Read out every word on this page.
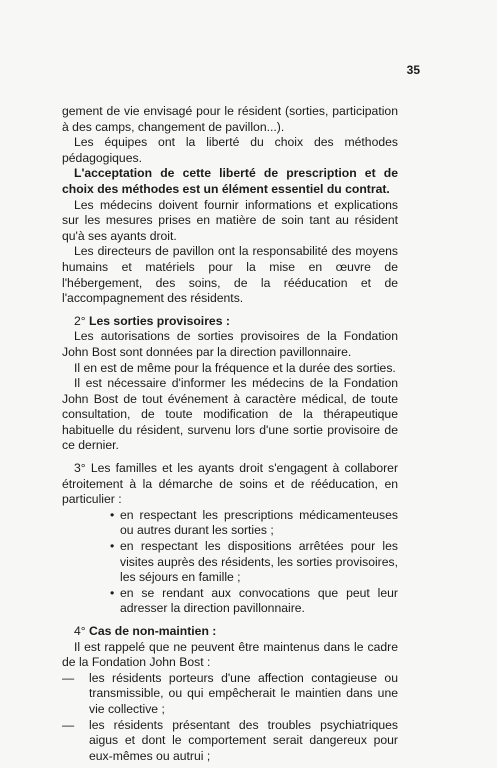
35

gement de vie envisagé pour le résident (sorties, participation à des camps, changement de pavillon...).

Les équipes ont la liberté du choix des méthodes pédagogiques.

L'acceptation de cette liberté de prescription et de choix des méthodes est un élément essentiel du contrat.

Les médecins doivent fournir informations et explications sur les mesures prises en matière de soin tant au résident qu'à ses ayants droit.

Les directeurs de pavillon ont la responsabilité des moyens humains et matériels pour la mise en œuvre de l'hébergement, des soins, de la rééducation et de l'accompagnement des résidents.

2° Les sorties provisoires :

Les autorisations de sorties provisoires de la Fondation John Bost sont données par la direction pavillonnaire.

Il en est de même pour la fréquence et la durée des sorties.

Il est nécessaire d'informer les médecins de la Fondation John Bost de tout événement à caractère médical, de toute consultation, de toute modification de la thérapeutique habituelle du résident, survenu lors d'une sortie provisoire de ce dernier.

3° Les familles et les ayants droit s'engagent à collaborer étroitement à la démarche de soins et de rééducation, en particulier :

• en respectant les prescriptions médicamenteuses ou autres durant les sorties ;
• en respectant les dispositions arrêtées pour les visites auprès des résidents, les sorties provisoires, les séjours en famille ;
• en se rendant aux convocations que peut leur adresser la direction pavillonnaire.

4° Cas de non-maintien :

Il est rappelé que ne peuvent être maintenus dans le cadre de la Fondation John Bost :

— les résidents porteurs d'une affection contagieuse ou transmissible, ou qui empêcherait le maintien dans une vie collective ;
— les résidents présentant des troubles psychiatriques aigus et dont le comportement serait dangereux pour eux-mêmes ou autrui ;
